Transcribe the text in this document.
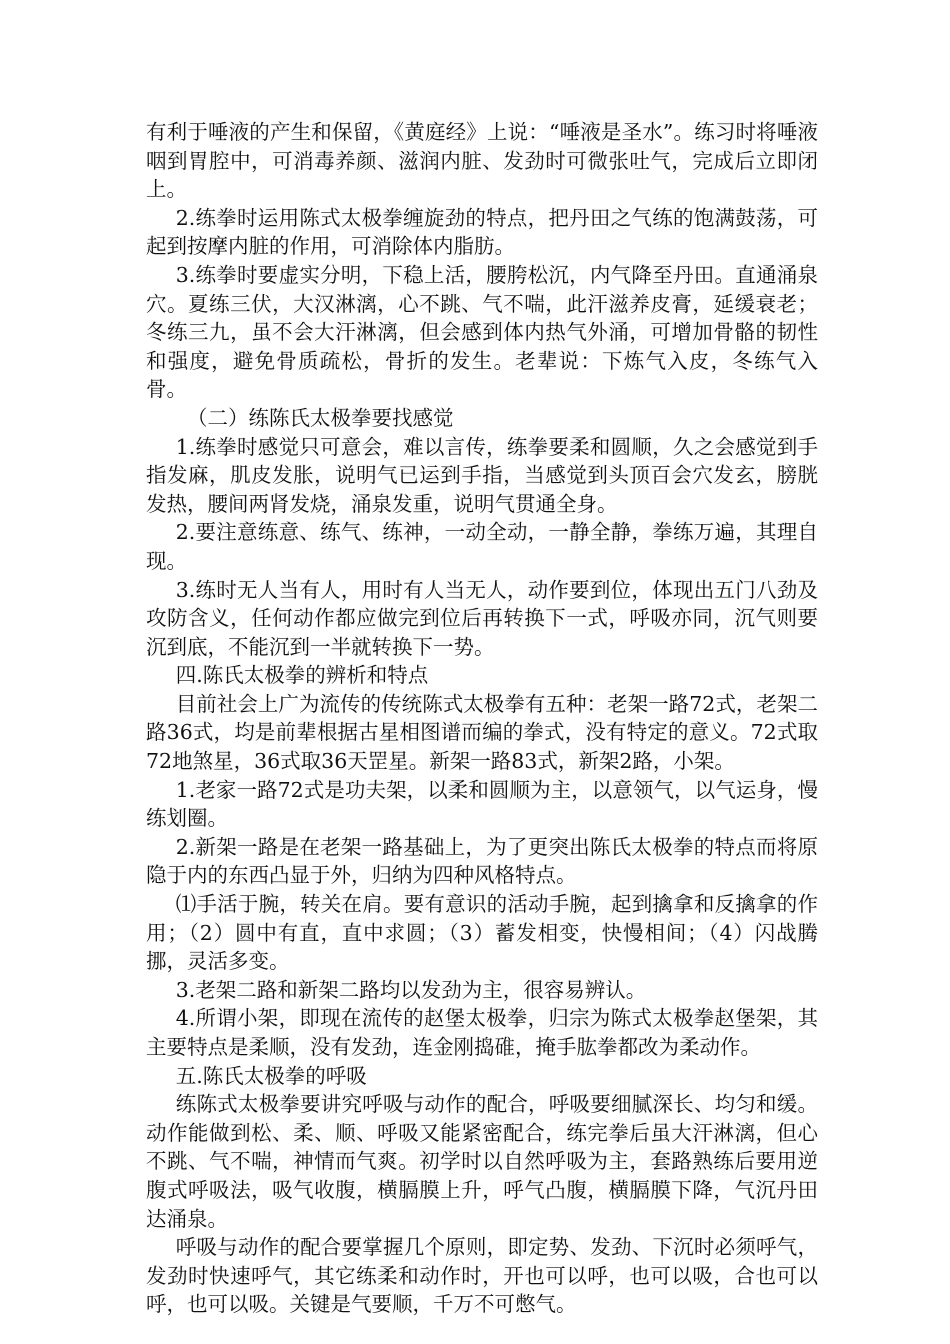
有利于唾液的产生和保留，《黄庭经》上说：“唾液是圣水”。练习时将唾液咽到胃腔中，可消毒养颜、滋润内脏、发劲时可微张吐气，完成后立即闭上。

2.练拳时运用陈式太极拳缠旋劲的特点，把丹田之气练的饱满鼓荡，可起到按摩内脏的作用，可消除体内脂肪。

3.练拳时要虚实分明，下稳上活，腰胯松沉，内气降至丹田。直通涌泉穴。夏练三伏，大汉淋漓，心不跳、气不喘，此汗滋养皮膏，延缓衰老；冬练三九，虽不会大汗淋漓，但会感到体内热气外涌，可增加骨骼的韧性和强度，避免骨质疏松，骨折的发生。老辈说：下炼气入皮，冬练气入骨。

（二）练陈氏太极拳要找感觉

1.练拳时感觉只可意会，难以言传，练拳要柔和圆顺，久之会感觉到手指发麻，肌皮发胀，说明气已运到手指，当感觉到头顶百会穴发玄，膀胱发热，腰间两肾发烧，涌泉发重，说明气贯通全身。

2.要注意练意、练气、练神，一动全动，一静全静，拳练万遍，其理自现。

3.练时无人当有人，用时有人当无人，动作要到位，体现出五门八劲及攻防含义，任何动作都应做完到位后再转换下一式，呼吸亦同，沉气则要沉到底，不能沉到一半就转换下一势。

四.陈氏太极拳的辨析和特点

目前社会上广为流传的传统陈式太极拳有五种：老架一路72式，老架二路36式，均是前辈根据古星相图谱而编的拳式，没有特定的意义。72式取72地煞星，36式取36天罡星。新架一路83式，新架2路，小架。

1.老家一路72式是功夫架，以柔和圆顺为主，以意领气，以气运身，慢练划圈。

2.新架一路是在老架一路基础上，为了更突出陈氏太极拳的特点而将原隐于内的东西凸显于外，归纳为四种风格特点。

⑴手活于腕，转关在肩。要有意识的活动手腕，起到擒拿和反擒拿的作用；（2）圆中有直，直中求圆；（3）蓄发相变，快慢相间；（4）闪战腾挪，灵活多变。

3.老架二路和新架二路均以发劲为主，很容易辨认。

4.所谓小架，即现在流传的赵堡太极拳，归宗为陈式太极拳赵堡架，其主要特点是柔顺，没有发劲，连金刚捣碓，掩手肱拳都改为柔动作。

五.陈氏太极拳的呼吸

练陈式太极拳要讲究呼吸与动作的配合，呼吸要细腻深长、均匀和缓。动作能做到松、柔、顺、呼吸又能紧密配合，练完拳后虽大汗淋漓，但心不跳、气不喘，神情而气爽。初学时以自然呼吸为主，套路熟练后要用逆腹式呼吸法，吸气收腹，横膈膜上升，呼气凸腹，横膈膜下降，气沉丹田达涌泉。

呼吸与动作的配合要掌握几个原则，即定势、发劲、下沉时必须呼气，发劲时快速呼气，其它练柔和动作时，开也可以呼，也可以吸，合也可以呼，也可以吸。关键是气要顺，千万不可憋气。
